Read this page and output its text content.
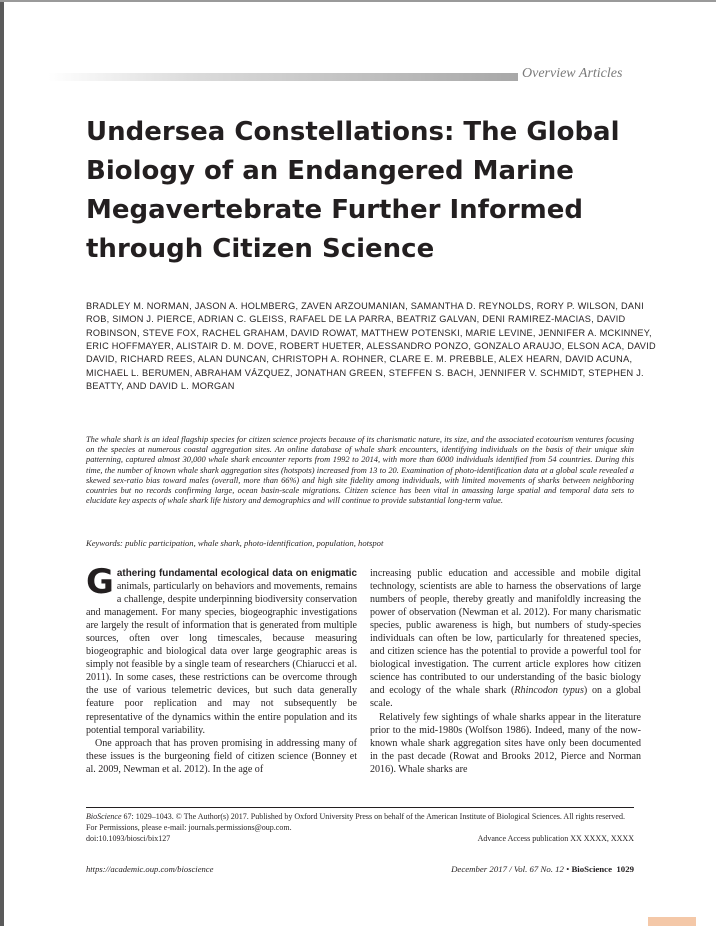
Overview Articles
Undersea Constellations: The Global Biology of an Endangered Marine Megavertebrate Further Informed through Citizen Science
BRADLEY M. NORMAN, JASON A. HOLMBERG, ZAVEN ARZOUMANIAN, SAMANTHA D. REYNOLDS, RORY P. WILSON, DANI ROB, SIMON J. PIERCE, ADRIAN C. GLEISS, RAFAEL DE LA PARRA, BEATRIZ GALVAN, DENI RAMIREZ-MACIAS, DAVID ROBINSON, STEVE FOX, RACHEL GRAHAM, DAVID ROWAT, MATTHEW POTENSKI, MARIE LEVINE, JENNIFER A. MCKINNEY, ERIC HOFFMAYER, ALISTAIR D. M. DOVE, ROBERT HUETER, ALESSANDRO PONZO, GONZALO ARAUJO, ELSON ACA, DAVID DAVID, RICHARD REES, ALAN DUNCAN, CHRISTOPH A. ROHNER, CLARE E. M. PREBBLE, ALEX HEARN, DAVID ACUNA, MICHAEL L. BERUMEN, ABRAHAM VÁZQUEZ, JONATHAN GREEN, STEFFEN S. BACH, JENNIFER V. SCHMIDT, STEPHEN J. BEATTY, AND DAVID L. MORGAN

The whale shark is an ideal flagship species for citizen science projects because of its charismatic nature, its size, and the associated ecotourism ventures focusing on the species at numerous coastal aggregation sites. An online database of whale shark encounters, identifying individuals on the basis of their unique skin patterning, captured almost 30,000 whale shark encounter reports from 1992 to 2014, with more than 6000 individuals identified from 54 countries. During this time, the number of known whale shark aggregation sites (hotspots) increased from 13 to 20. Examination of photo-identification data at a global scale revealed a skewed sex-ratio bias toward males (overall, more than 66%) and high site fidelity among individuals, with limited movements of sharks between neighboring countries but no records confirming large, ocean basin-scale migrations. Citizen science has been vital in amassing large spatial and temporal data sets to elucidate key aspects of whale shark life history and demographics and will continue to provide substantial long-term value.

Keywords: public participation, whale shark, photo-identification, population, hotspot

Gathering fundamental ecological data on enigmatic animals, particularly on behaviors and movements, remains a challenge, despite underpinning biodiversity conservation and management. For many species, biogeographic investigations are largely the result of information that is generated from multiple sources, often over long timescales, because measuring biogeographic and biological data over large geographic areas is simply not feasible by a single team of researchers (Chiarucci et al. 2011). In some cases, these restrictions can be overcome through the use of various telemetric devices, but such data generally feature poor replication and may not subsequently be representative of the dynamics within the entire population and its potential temporal variability.

One approach that has proven promising in addressing many of these issues is the burgeoning field of citizen science (Bonney et al. 2009, Newman et al. 2012). In the age of

increasing public education and accessible and mobile digital technology, scientists are able to harness the observations of large numbers of people, thereby greatly and manifoldly increasing the power of observation (Newman et al. 2012). For many charismatic species, public awareness is high, but numbers of study-species individuals can often be low, particularly for threatened species, and citizen science has the potential to provide a powerful tool for biological investigation. The current article explores how citizen science has contributed to our understanding of the basic biology and ecology of the whale shark (Rhincodon typus) on a global scale.

Relatively few sightings of whale sharks appear in the literature prior to the mid-1980s (Wolfson 1986). Indeed, many of the now-known whale shark aggregation sites have only been documented in the past decade (Rowat and Brooks 2012, Pierce and Norman 2016). Whale sharks are

BioScience 67: 1029–1043. © The Author(s) 2017. Published by Oxford University Press on behalf of the American Institute of Biological Sciences. All rights reserved. For Permissions, please e-mail: journals.permissions@oup.com.
doi:10.1093/biosci/bix127	Advance Access publication XX XXXX, XXXX
https://academic.oup.com/bioscience	December 2017 / Vol. 67 No. 12 • BioScience 1029
